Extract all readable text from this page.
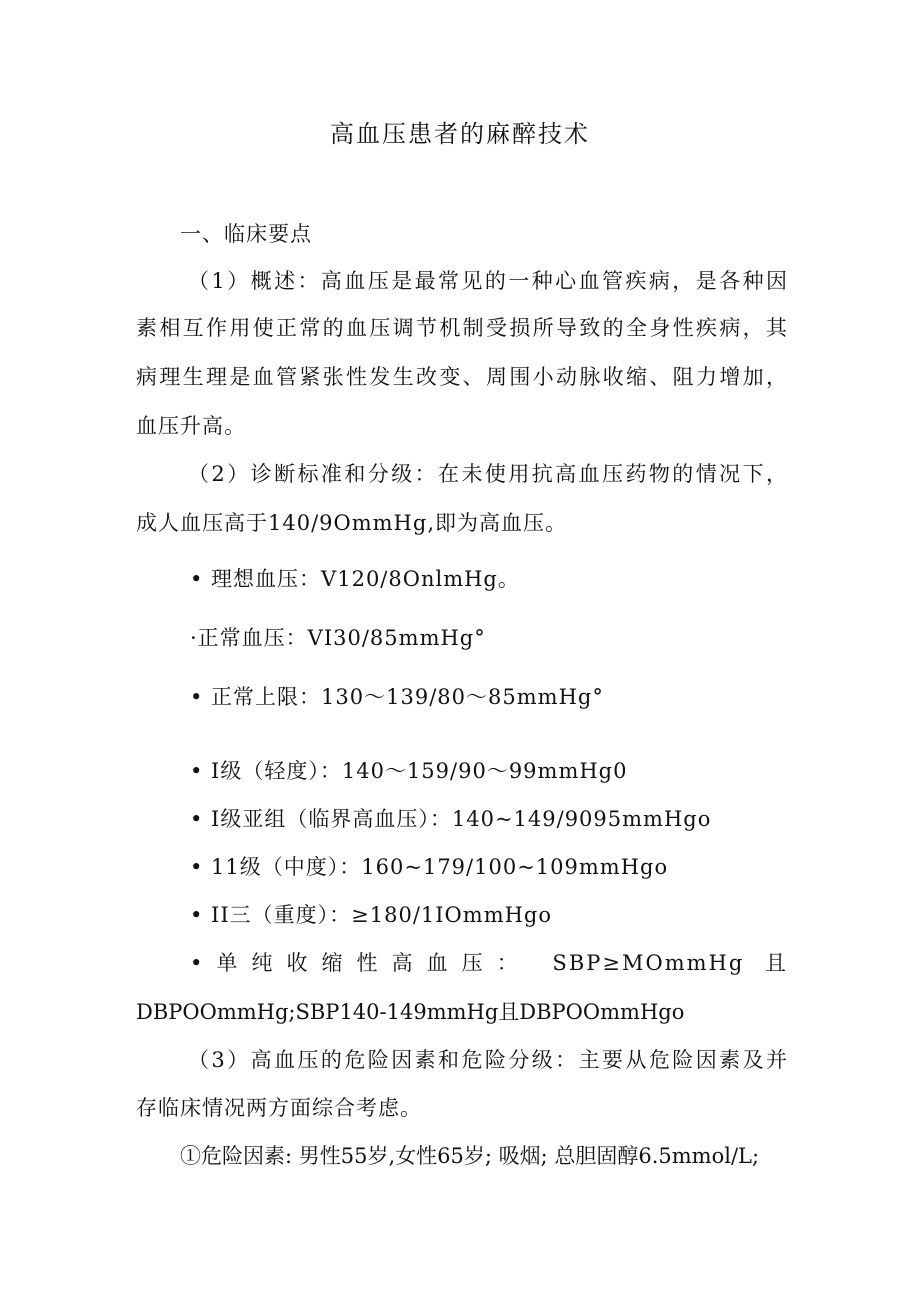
高血压患者的麻醉技术
一、临床要点
（1）概述：高血压是最常见的一种心血管疾病，是各种因
素相互作用使正常的血压调节机制受损所导致的全身性疾病，其
病理生理是血管紧张性发生改变、周围小动脉收缩、阻力增加，
血压升高。
（2）诊断标准和分级：在未使用抗高血压药物的情况下，
成人血压高于140/9OmmHg,即为高血压。
• 理想血压：V120∕8OnlmHg。
·正常血压：VI30∕85mmHg°
• 正常上限：130～139/80～85mmHg°
• I级（轻度）：140～159/90～99mmHg0
• I级亚组（临界高血压）：140~149∕9095mmHgo
• 11级（中度）：160~179∕100~109mmHgo
• II三（重度）：≥180/1IOmmHgo
•单纯收缩性高血压： SBP≥MOmmHg 且
DBPOOmmHg;SBP140-149mmHg且DBPOOmmHgo
（3）高血压的危险因素和危险分级：主要从危险因素及并
存临床情况两方面综合考虑。
①危险因素: 男性55岁,女性65岁; 吸烟; 总胆固醇6.5mmol∕L;
